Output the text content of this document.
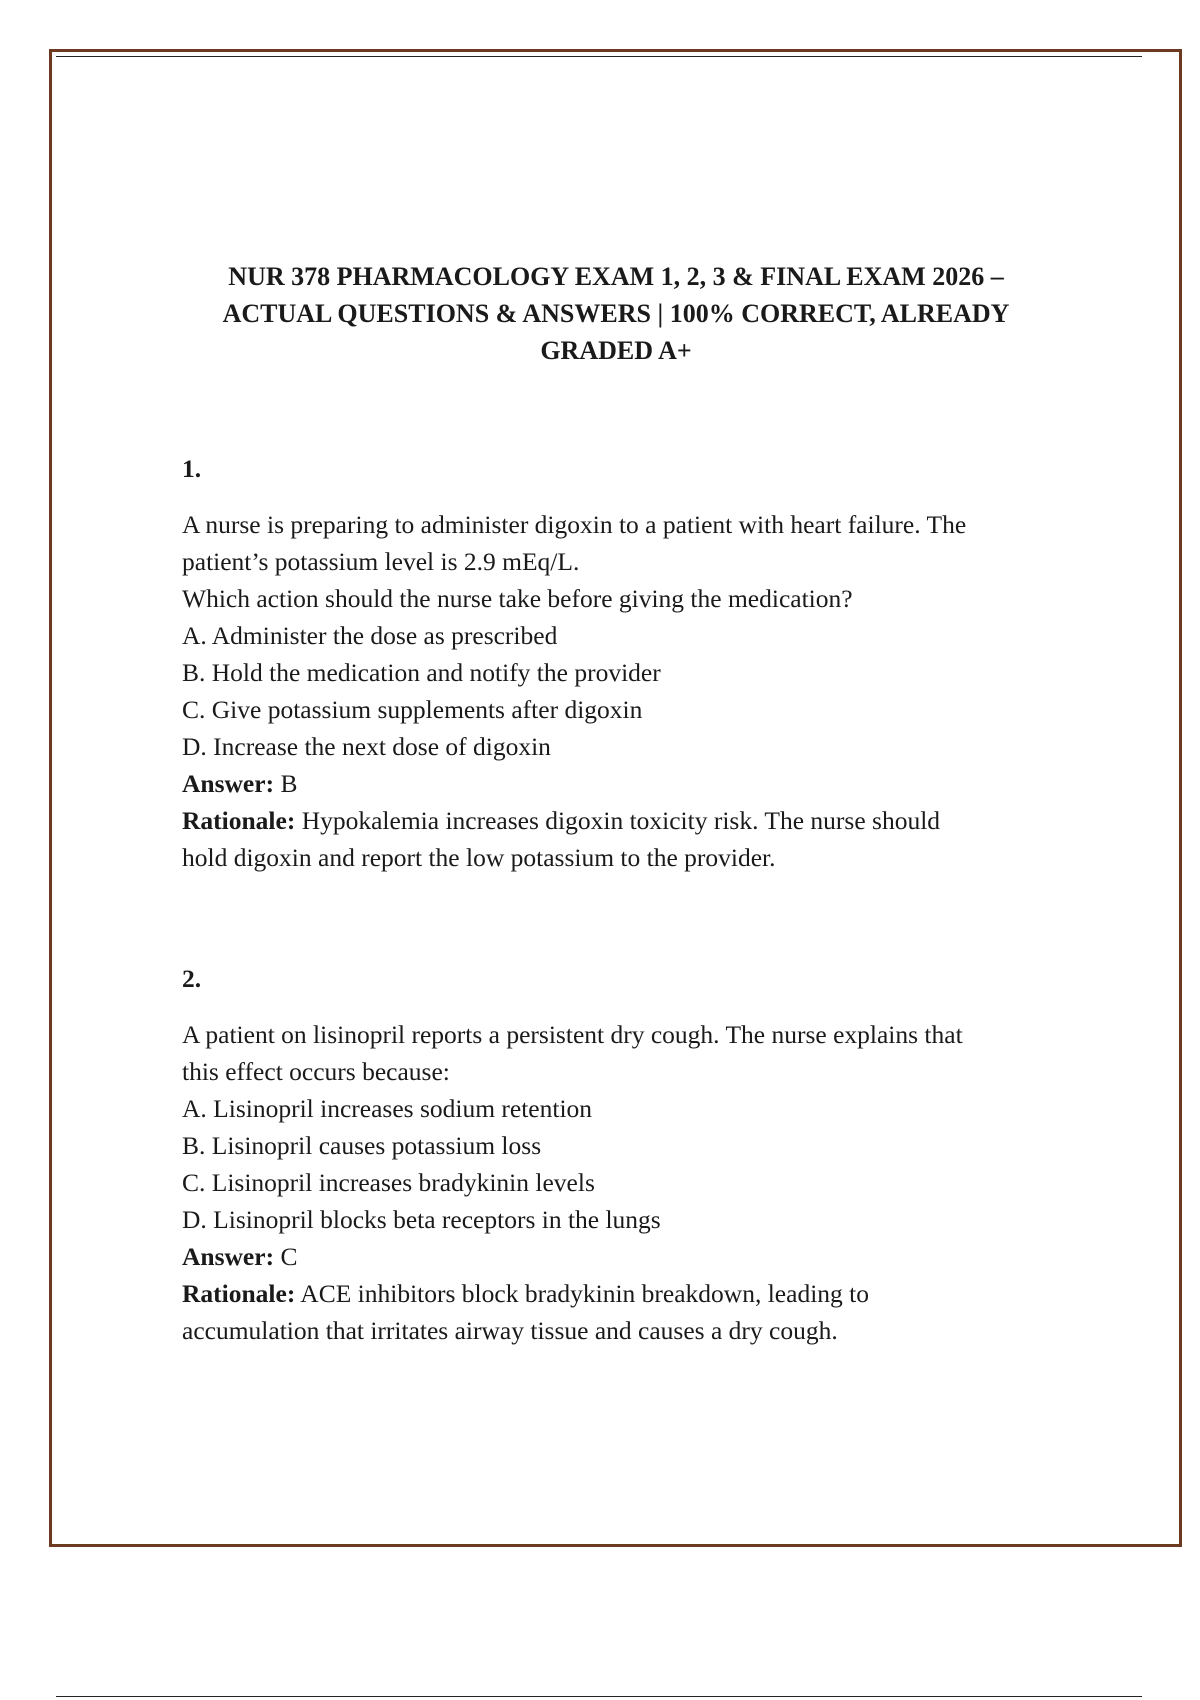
NUR 378 PHARMACOLOGY EXAM 1, 2, 3 & FINAL EXAM 2026 –
ACTUAL QUESTIONS & ANSWERS | 100% CORRECT, ALREADY
GRADED A+

1.

A nurse is preparing to administer digoxin to a patient with heart failure. The

patient’s potassium level is 2.9 mEq/L.

Which action should the nurse take before giving the medication?

A. Administer the dose as prescribed

B. Hold the medication and notify the provider

C. Give potassium supplements after digoxin

D. Increase the next dose of digoxin

Answer: B

Rationale: Hypokalemia increases digoxin toxicity risk. The nurse should

hold digoxin and report the low potassium to the provider.

2.

A patient on lisinopril reports a persistent dry cough. The nurse explains that

this effect occurs because:

A. Lisinopril increases sodium retention

B. Lisinopril causes potassium loss

C. Lisinopril increases bradykinin levels

D. Lisinopril blocks beta receptors in the lungs

Answer: C

Rationale: ACE inhibitors block bradykinin breakdown, leading to

accumulation that irritates airway tissue and causes a dry cough.
